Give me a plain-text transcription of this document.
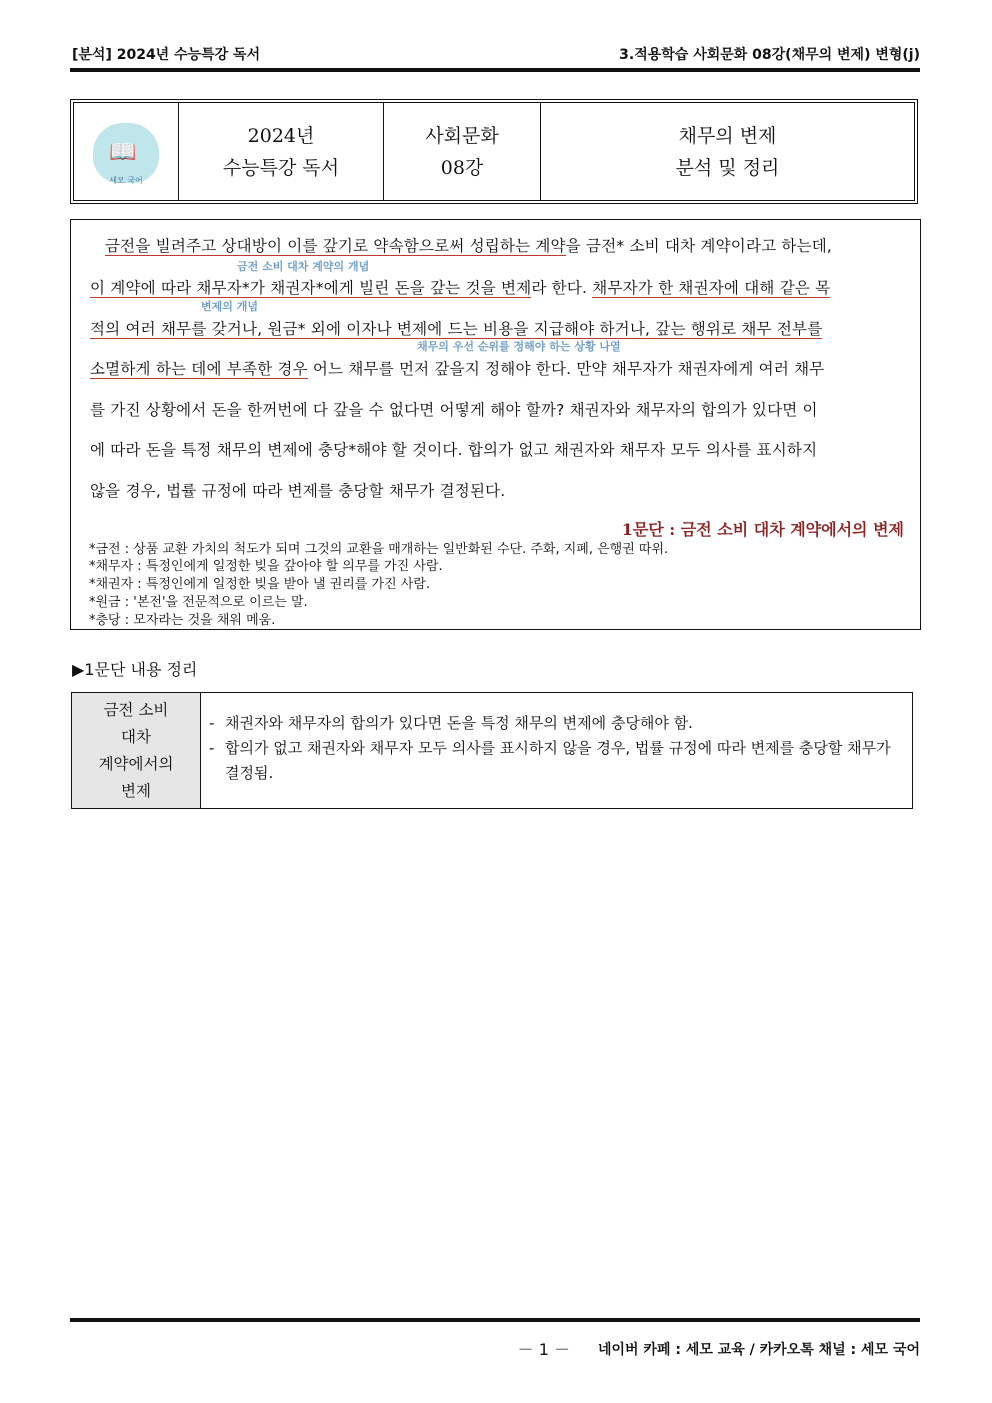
[분석] 2024년 수능특강 독서	3.적용학습 사회문화 08강(채무의 변제) 변형(j)
📖
세모 국어
2024년
수능특강 독서
사회문화
08강
채무의 변제
분석 및 정리
금전을 빌려주고 상대방이 이를 갚기로 약속함으로써 성립하는 계약을 금전* 소비 대차 계약이라고 하는데,
금전 소비 대차 계약의 개념
이 계약에 따라 채무자*가 채권자*에게 빌린 돈을 갚는 것을 변제라 한다. 채무자가 한 채권자에 대해 같은 목
변제의 개념
적의 여러 채무를 갖거나, 원금* 외에 이자나 변제에 드는 비용을 지급해야 하거나, 갚는 행위로 채무 전부를
채무의 우선 순위를 정해야 하는 상황 나열
소멸하게 하는 데에 부족한 경우 어느 채무를 먼저 갚을지 정해야 한다. 만약 채무자가 채권자에게 여러 채무
를 가진 상황에서 돈을 한꺼번에 다 갚을 수 없다면 어떻게 해야 할까? 채권자와 채무자의 합의가 있다면 이
에 따라 돈을 특정 채무의 변제에 충당*해야 할 것이다. 합의가 없고 채권자와 채무자 모두 의사를 표시하지
않을 경우, 법률 규정에 따라 변제를 충당할 채무가 결정된다.
1문단 : 금전 소비 대차 계약에서의 변제
*금전 : 상품 교환 가치의 척도가 되며 그것의 교환을 매개하는 일반화된 수단. 주화, 지폐, 은행권 따위.
*채무자 : 특정인에게 일정한 빚을 갚아야 할 의무를 가진 사람.
*채권자 : 특정인에게 일정한 빚을 받아 낼 권리를 가진 사람.
*원금 : '본전'을 전문적으로 이르는 말.
*충당 : 모자라는 것을 채워 메움.
▶1문단 내용 정리
금전 소비
대차
계약에서의
변제
- 채권자와 채무자의 합의가 있다면 돈을 특정 채무의 변제에 충당해야 함.
- 합의가 없고 채권자와 채무자 모두 의사를 표시하지 않을 경우, 법률 규정에 따라 변제를 충당할 채무가 결정됨.
－ 1 － 네이버 카페 : 세모 교육 / 카카오톡 채널 : 세모 국어
